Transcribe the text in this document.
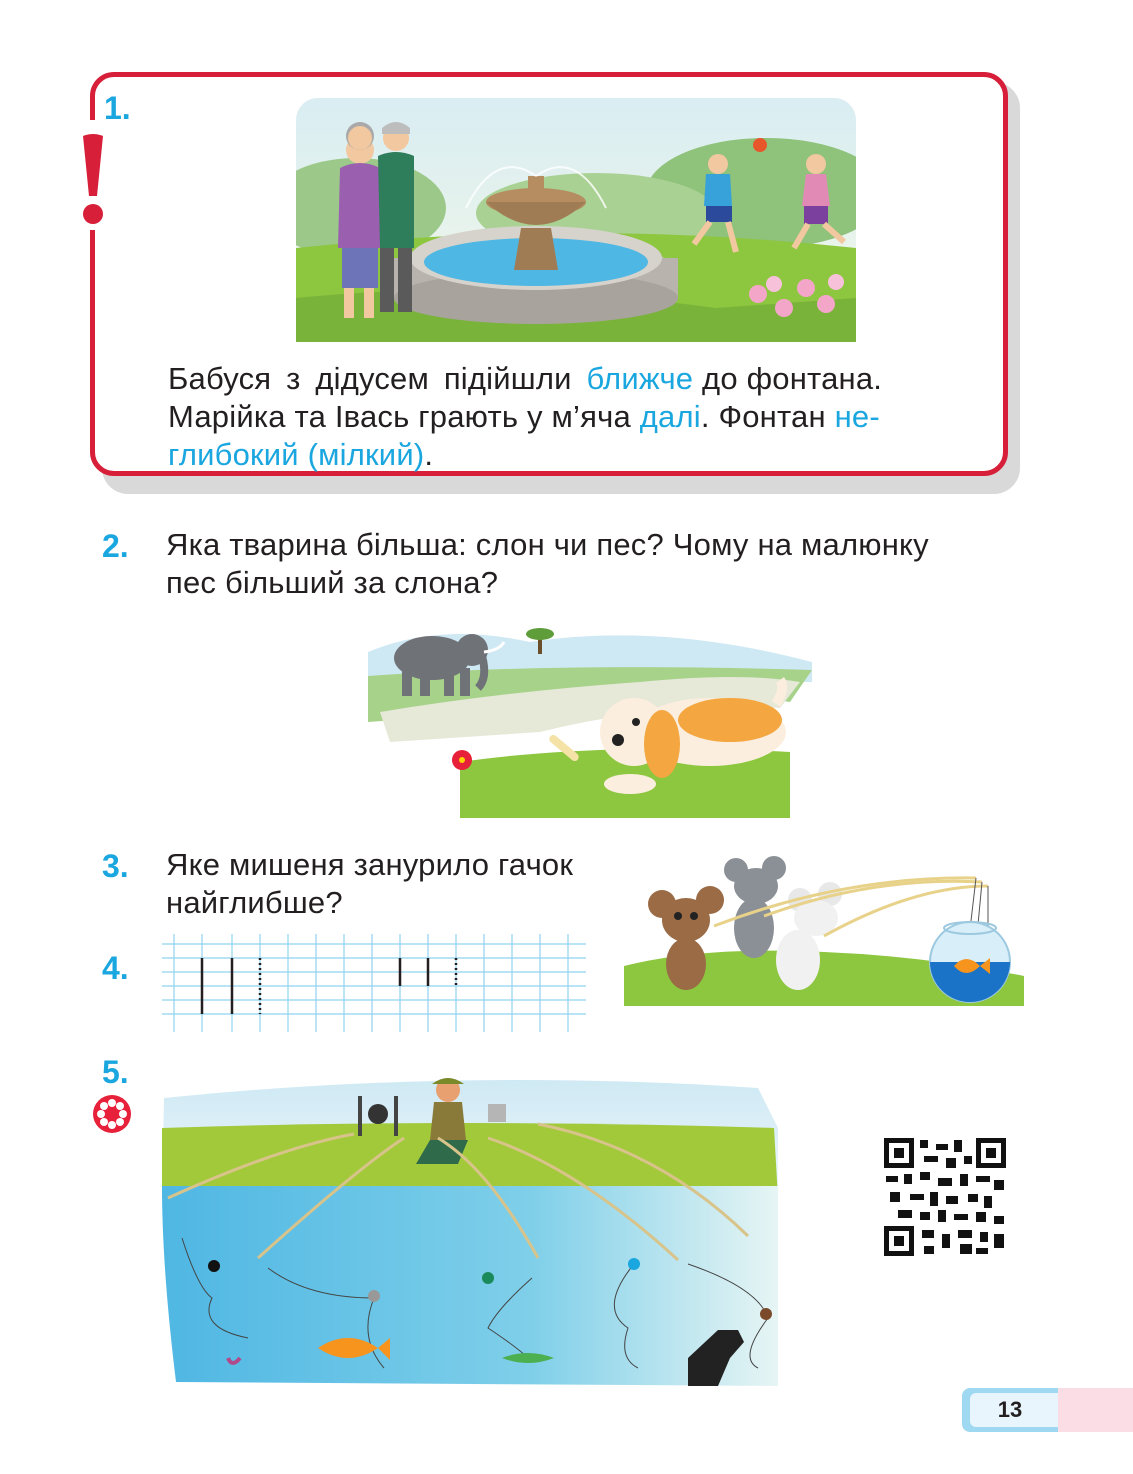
1.
Бабуся з дідусем підійшли ближче до фонтана.
Марійка та Івась грають у м’яча далі. Фонтан не-
глибокий (мілкий).
2. Яка тварина більша: слон чи пес? Чому на малюнку
пес більший за слона?
3. Яке мишеня занурило гачок
найглибше?
4.
5.
13
